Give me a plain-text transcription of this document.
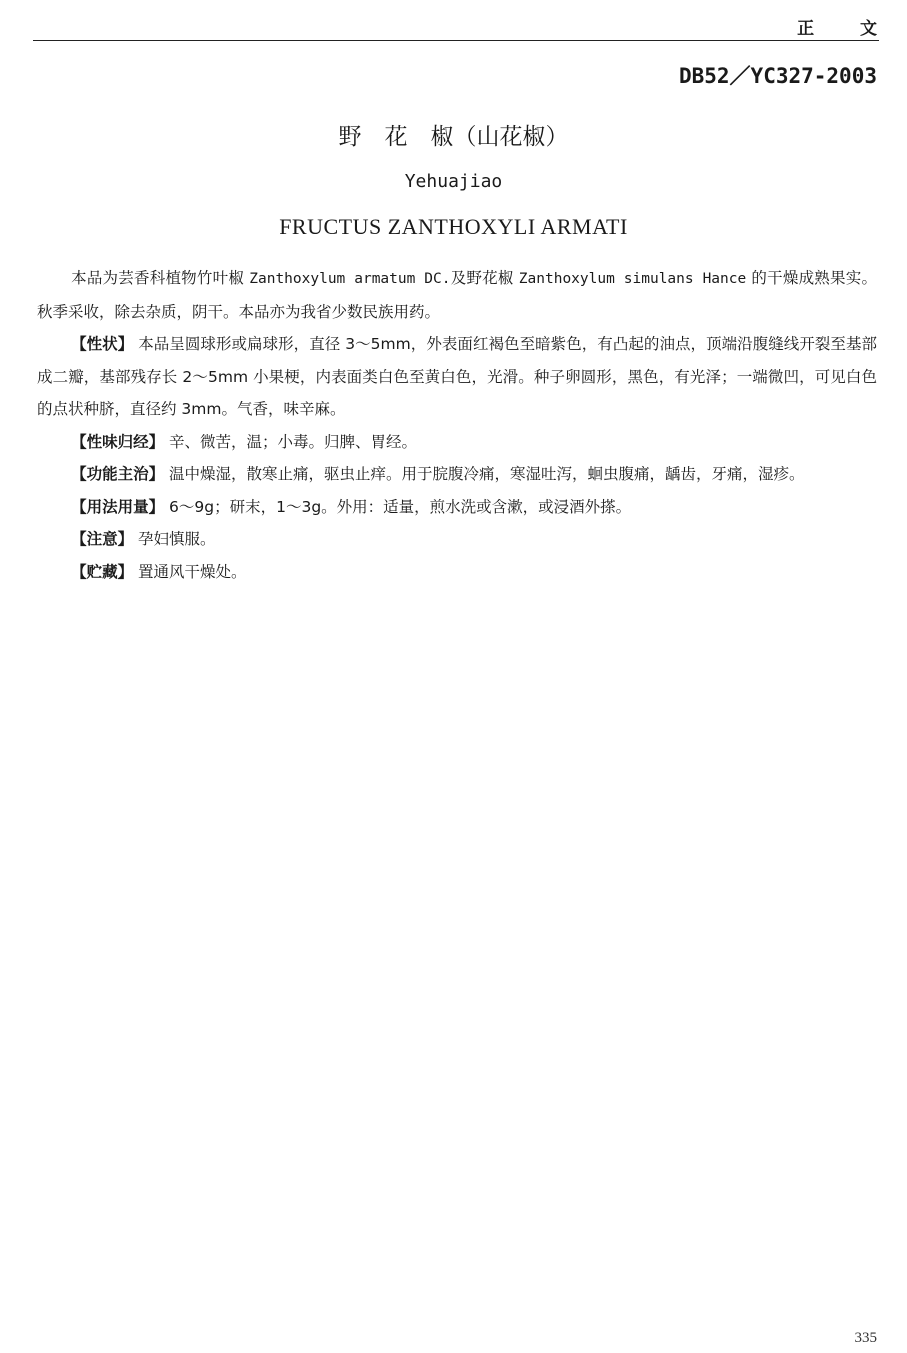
正 文
DB52／YC327-2003
野　花　椒（山花椒）
Yehuajiao
FRUCTUS ZANTHOXYLI ARMATI

本品为芸香科植物竹叶椒 Zanthoxylum armatum DC.及野花椒 Zanthoxylum simulans Hance 的干燥成熟果实。秋季采收，除去杂质，阴干。本品亦为我省少数民族用药。

【性状】 本品呈圆球形或扁球形，直径 3～5mm，外表面红褐色至暗紫色，有凸起的油点，顶端沿腹缝线开裂至基部成二瓣，基部残存长 2～5mm 小果梗，内表面类白色至黄白色，光滑。种子卵圆形，黑色，有光泽；一端微凹，可见白色的点状种脐，直径约 3mm。气香，味辛麻。

【性味归经】 辛、微苦，温；小毒。归脾、胃经。

【功能主治】 温中燥湿，散寒止痛，驱虫止痒。用于脘腹冷痛，寒湿吐泻，蛔虫腹痛，龋齿，牙痛，湿疹。

【用法用量】 6～9g；研末，1～3g。外用：适量，煎水洗或含漱，或浸酒外搽。

【注意】 孕妇慎服。

【贮藏】 置通风干燥处。

335
